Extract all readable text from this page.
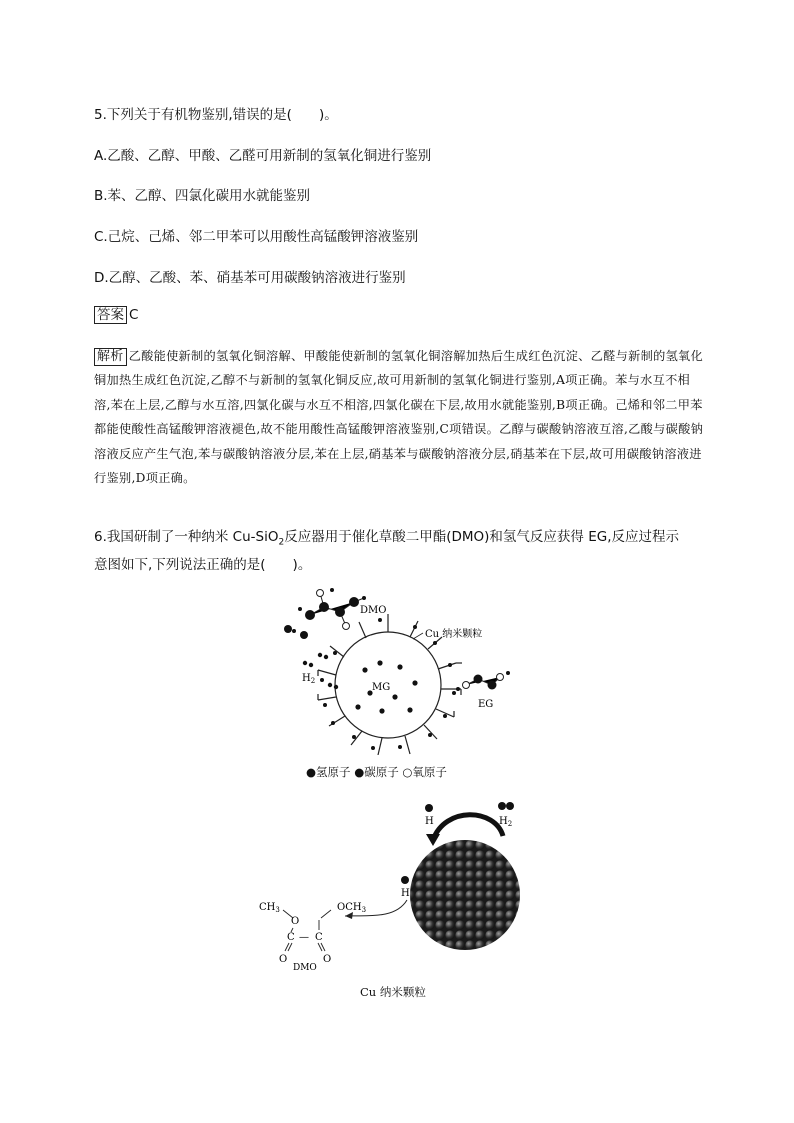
5.下列关于有机物鉴别,错误的是(　　)。
A.乙酸、乙醇、甲酸、乙醛可用新制的氢氧化铜进行鉴别
B.苯、乙醇、四氯化碳用水就能鉴别
C.己烷、己烯、邻二甲苯可以用酸性高锰酸钾溶液鉴别
D.乙醇、乙酸、苯、硝基苯可用碳酸钠溶液进行鉴别
答案 C
解析 乙酸能使新制的氢氧化铜溶解、甲酸能使新制的氢氧化铜溶解加热后生成红色沉淀、乙醛与新制的氢氧化铜加热生成红色沉淀,乙醇不与新制的氢氧化铜反应,故可用新制的氢氧化铜进行鉴别,A项正确。苯与水互不相溶,苯在上层,乙醇与水互溶,四氯化碳与水互不相溶,四氯化碳在下层,故用水就能鉴别,B项正确。己烯和邻二甲苯都能使酸性高锰酸钾溶液褪色,故不能用酸性高锰酸钾溶液鉴别,C项错误。乙醇与碳酸钠溶液互溶,乙酸与碳酸钠溶液反应产生气泡,苯与碳酸钠溶液分层,苯在上层,硝基苯与碳酸钠溶液分层,硝基苯在下层,故可用碳酸钠溶液进行鉴别,D项正确。
6.我国研制了一种纳米 Cu-SiO$_2$反应器用于催化草酸二甲酯(DMO)和氢气反应获得 EG,反应过程示
意图如下,下列说法正确的是(　　)。
DMO
Cu 纳米颗粒
$H_2$
MG
EG
●氢原子 ●碳原子 ○氧原子
H	$H_2$
H
$CH_3$	$OCH_3$
O
C — C
O	O
DMO
Cu 纳米颗粒
